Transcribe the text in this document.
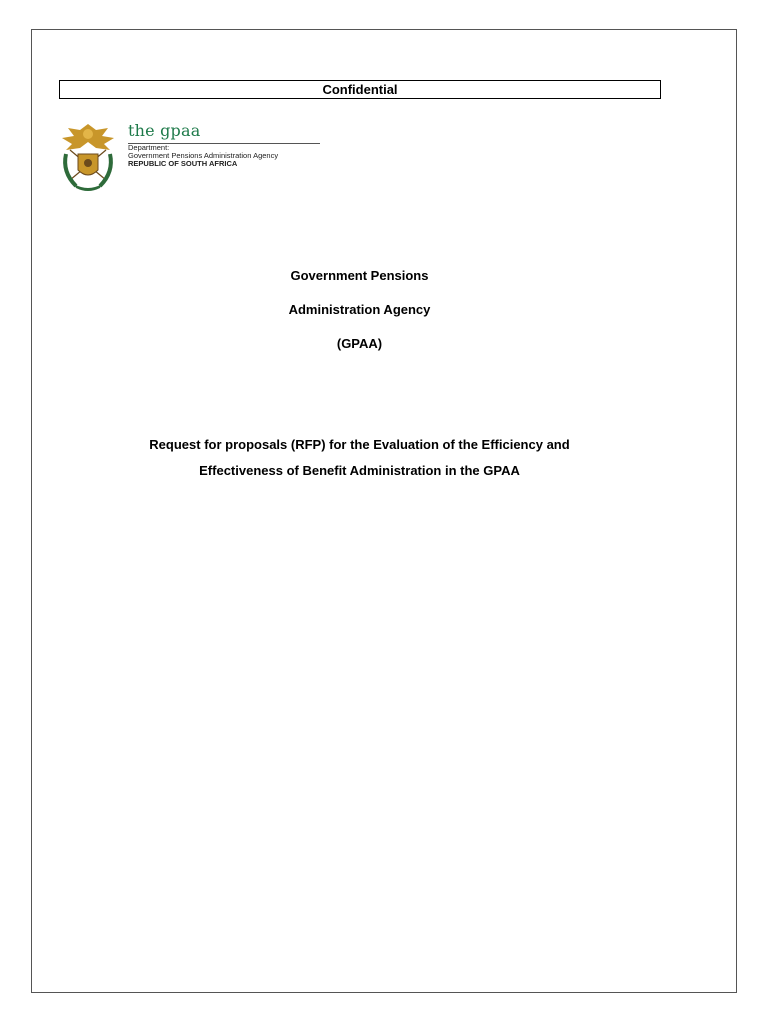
Confidential
the gpaa
Department:
Government Pensions Administration Agency
REPUBLIC OF SOUTH AFRICA
Government Pensions
Administration Agency
(GPAA)
Request for proposals (RFP) for the Evaluation of the Efficiency and
Effectiveness of Benefit Administration in the GPAA
